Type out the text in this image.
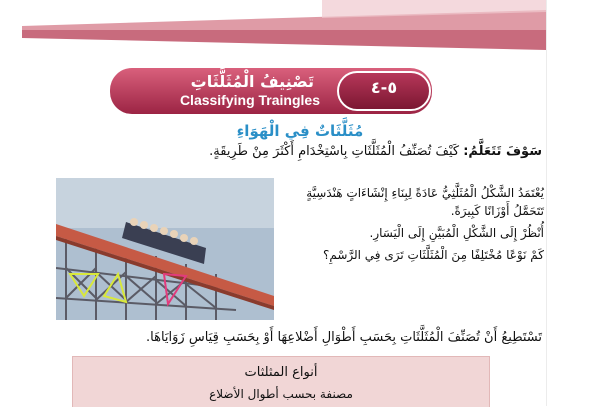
تَصْنِيفُ الْمُثَلَّثَاتِ
Classifying Traingles
٥-٤
مُثَلَّثَاتٌ فِي الْهَوَاءِ
سَوْفَ تَتَعَلَّمُ: كَيْفَ تُصَنِّفُ الْمُثَلَّثَاتِ بِاسْتِخْدَامِ أَكْثَرَ مِنْ طَرِيقَةٍ.

يُعْتَمَدُ الشَّكْلُ الْمُثَلَّثِيُّ عَادَةً لِبِنَاءِ إِنْشَاءَاتٍ هَنْدَسِيَّةٍ تَتَحَمَّلُ أَوْزَانًا كَبِيرَةً.

أُنْظُرْ إِلَى الشَّكْلِ الْمُبَيَّنِ إِلَى الْيَسَارِ.

كَمْ نَوْعًا مُخْتَلِفًا مِنَ الْمُثَلَّثَاتِ تَرَى فِي الرَّسْمِ؟

تَسْتَطِيعُ أَنْ تُصَنِّفَ الْمُثَلَّثَاتِ بِحَسَبِ أَطْوَالِ أَضْلاعِهَا أَوْ بِحَسَبِ قِيَاسِ زَوَايَاهَا.
أنواع المثلثات
مصنفة بحسب أطوال الأضلاع
